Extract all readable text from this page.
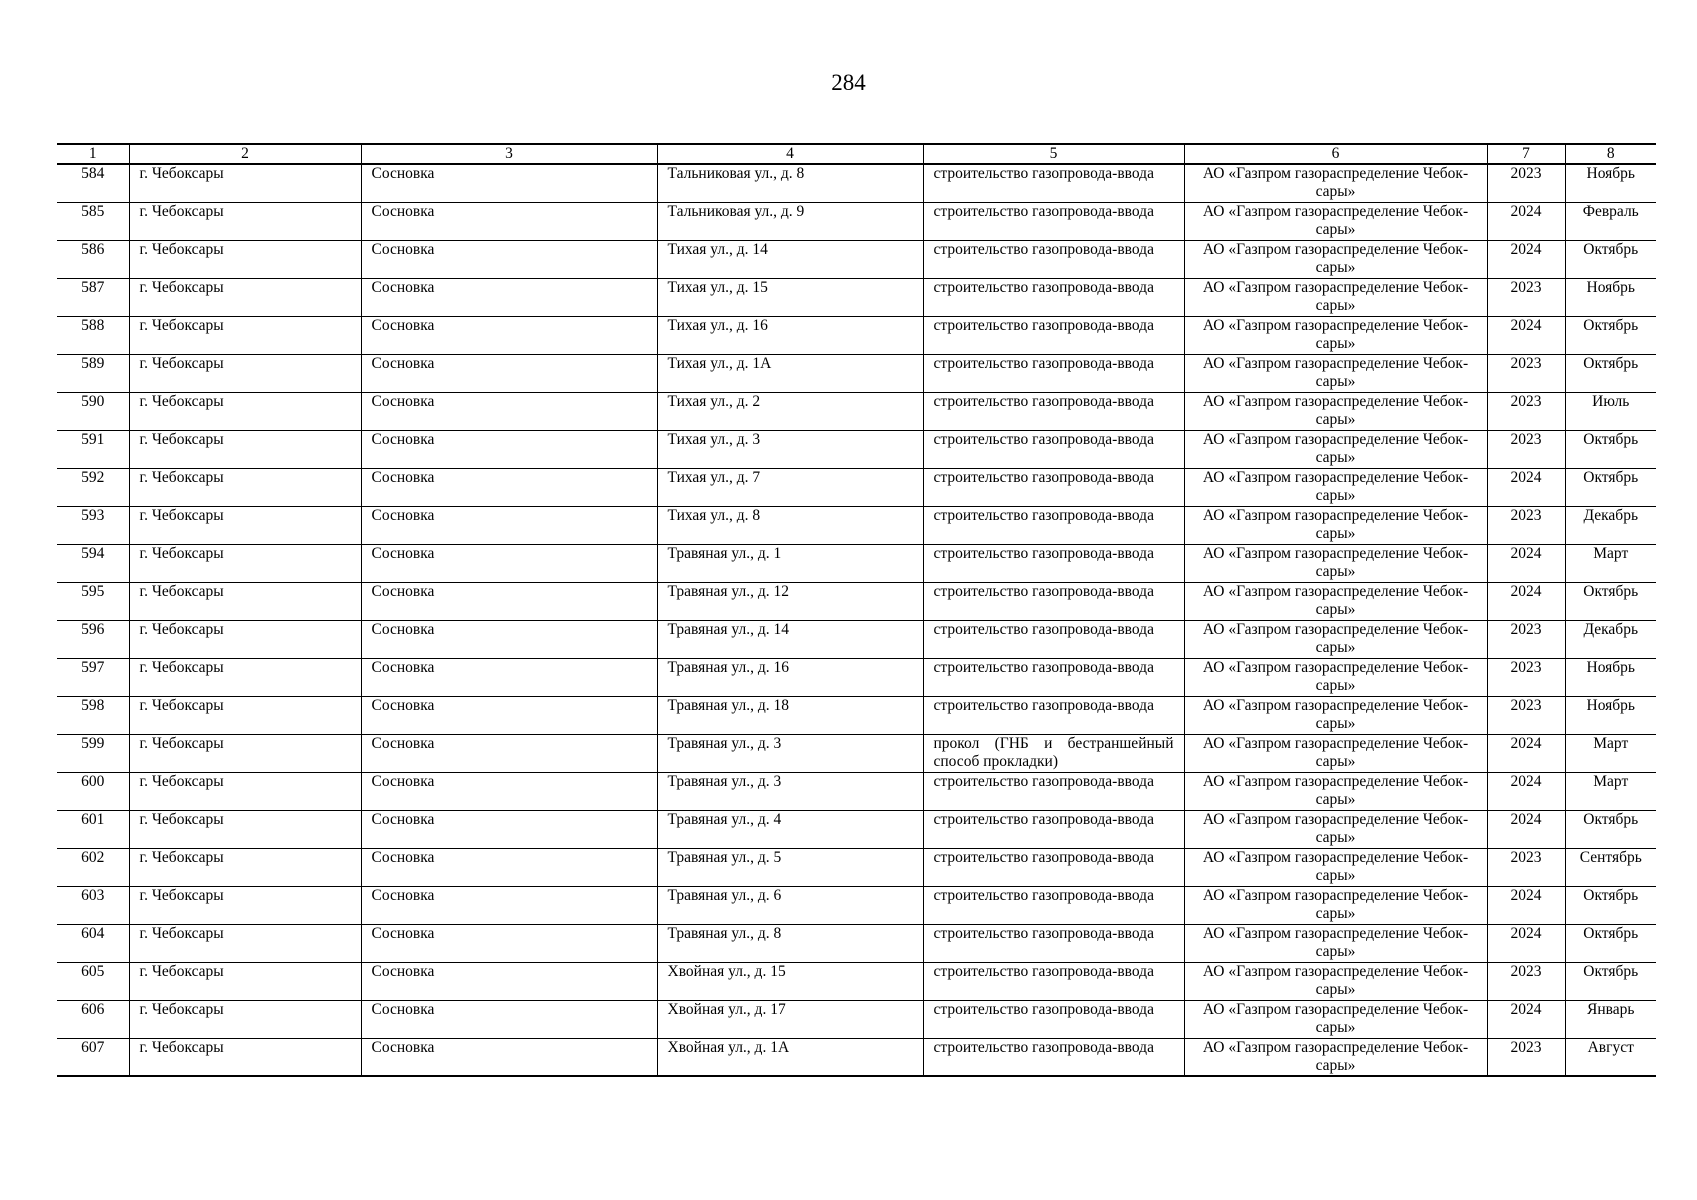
284
1	2	3	4	5	6	7	8
584	г. Чебоксары	Сосновка	Тальниковая ул., д. 8	строительство газопровода-ввода	АО «Газпром газораспределение Чебок-сары»	2023	Ноябрь
585	г. Чебоксары	Сосновка	Тальниковая ул., д. 9	строительство газопровода-ввода	АО «Газпром газораспределение Чебок-сары»	2024	Февраль
586	г. Чебоксары	Сосновка	Тихая ул., д. 14	строительство газопровода-ввода	АО «Газпром газораспределение Чебок-сары»	2024	Октябрь
587	г. Чебоксары	Сосновка	Тихая ул., д. 15	строительство газопровода-ввода	АО «Газпром газораспределение Чебок-сары»	2023	Ноябрь
588	г. Чебоксары	Сосновка	Тихая ул., д. 16	строительство газопровода-ввода	АО «Газпром газораспределение Чебок-сары»	2024	Октябрь
589	г. Чебоксары	Сосновка	Тихая ул., д. 1А	строительство газопровода-ввода	АО «Газпром газораспределение Чебок-сары»	2023	Октябрь
590	г. Чебоксары	Сосновка	Тихая ул., д. 2	строительство газопровода-ввода	АО «Газпром газораспределение Чебок-сары»	2023	Июль
591	г. Чебоксары	Сосновка	Тихая ул., д. 3	строительство газопровода-ввода	АО «Газпром газораспределение Чебок-сары»	2023	Октябрь
592	г. Чебоксары	Сосновка	Тихая ул., д. 7	строительство газопровода-ввода	АО «Газпром газораспределение Чебок-сары»	2024	Октябрь
593	г. Чебоксары	Сосновка	Тихая ул., д. 8	строительство газопровода-ввода	АО «Газпром газораспределение Чебок-сары»	2023	Декабрь
594	г. Чебоксары	Сосновка	Травяная ул., д. 1	строительство газопровода-ввода	АО «Газпром газораспределение Чебок-сары»	2024	Март
595	г. Чебоксары	Сосновка	Травяная ул., д. 12	строительство газопровода-ввода	АО «Газпром газораспределение Чебок-сары»	2024	Октябрь
596	г. Чебоксары	Сосновка	Травяная ул., д. 14	строительство газопровода-ввода	АО «Газпром газораспределение Чебок-сары»	2023	Декабрь
597	г. Чебоксары	Сосновка	Травяная ул., д. 16	строительство газопровода-ввода	АО «Газпром газораспределение Чебок-сары»	2023	Ноябрь
598	г. Чебоксары	Сосновка	Травяная ул., д. 18	строительство газопровода-ввода	АО «Газпром газораспределение Чебок-сары»	2023	Ноябрь
599	г. Чебоксары	Сосновка	Травяная ул., д. 3	прокол (ГНБ и бестраншейный способ прокладки)	АО «Газпром газораспределение Чебок-сары»	2024	Март
600	г. Чебоксары	Сосновка	Травяная ул., д. 3	строительство газопровода-ввода	АО «Газпром газораспределение Чебок-сары»	2024	Март
601	г. Чебоксары	Сосновка	Травяная ул., д. 4	строительство газопровода-ввода	АО «Газпром газораспределение Чебок-сары»	2024	Октябрь
602	г. Чебоксары	Сосновка	Травяная ул., д. 5	строительство газопровода-ввода	АО «Газпром газораспределение Чебок-сары»	2023	Сентябрь
603	г. Чебоксары	Сосновка	Травяная ул., д. 6	строительство газопровода-ввода	АО «Газпром газораспределение Чебок-сары»	2024	Октябрь
604	г. Чебоксары	Сосновка	Травяная ул., д. 8	строительство газопровода-ввода	АО «Газпром газораспределение Чебок-сары»	2024	Октябрь
605	г. Чебоксары	Сосновка	Хвойная ул., д. 15	строительство газопровода-ввода	АО «Газпром газораспределение Чебок-сары»	2023	Октябрь
606	г. Чебоксары	Сосновка	Хвойная ул., д. 17	строительство газопровода-ввода	АО «Газпром газораспределение Чебок-сары»	2024	Январь
607	г. Чебоксары	Сосновка	Хвойная ул., д. 1А	строительство газопровода-ввода	АО «Газпром газораспределение Чебок-сары»	2023	Август
